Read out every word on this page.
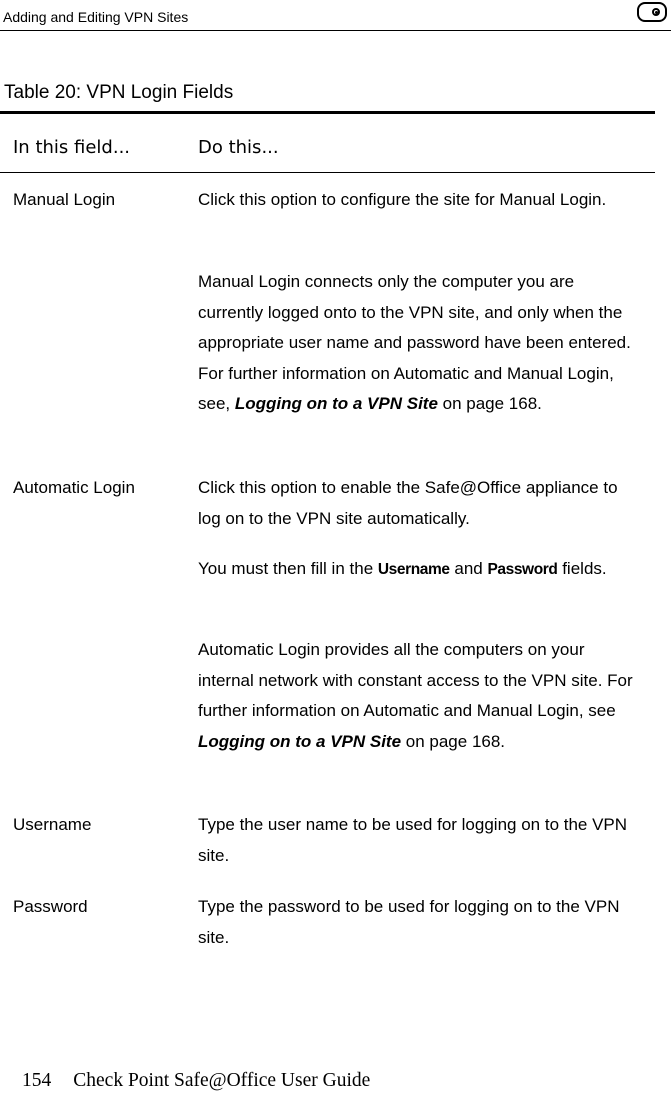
Adding and Editing VPN Sites
Table 20: VPN Login Fields
In this field...	Do this...
Manual Login	Click this option to configure the site for Manual Login.

Manual Login connects only the computer you are currently logged onto to the VPN site, and only when the appropriate user name and password have been entered. For further information on Automatic and Manual Login, see, Logging on to a VPN Site on page 168.

Automatic Login	Click this option to enable the Safe@Office appliance to log on to the VPN site automatically.

You must then fill in the Username and Password fields.

Automatic Login provides all the computers on your internal network with constant access to the VPN site. For further information on Automatic and Manual Login, see Logging on to a VPN Site on page 168.

Username	Type the user name to be used for logging on to the VPN site.

Password	Type the password to be used for logging on to the VPN site.

154 Check Point Safe@Office User Guide
